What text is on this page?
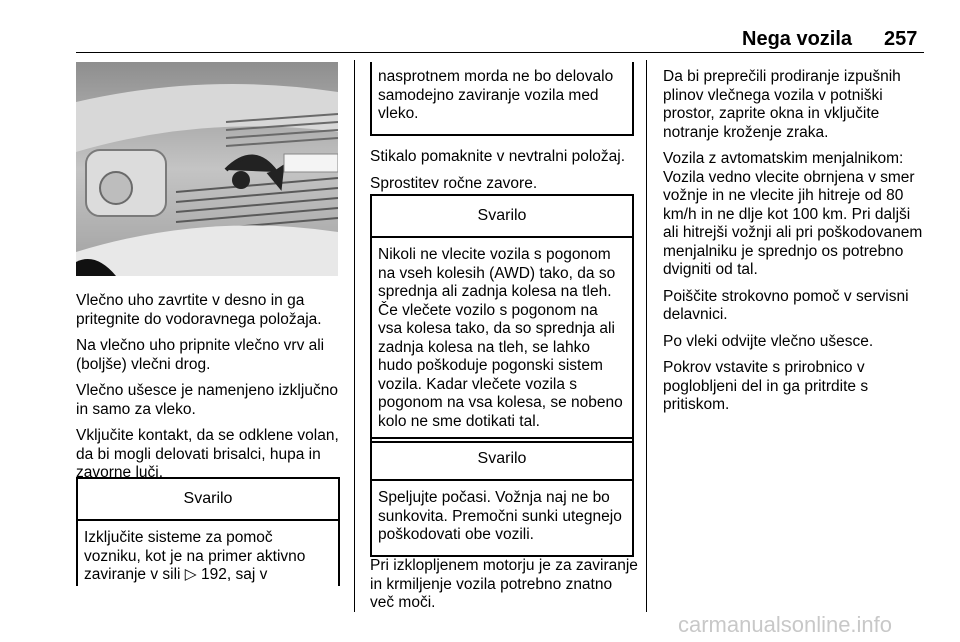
Nega vozila 257

Vlečno uho zavrtite v desno in ga pritegnite do vodoravnega položaja.

Na vlečno uho pripnite vlečno vrv ali (boljše) vlečni drog.

Vlečno ušesce je namenjeno izključno in samo za vleko.

Vključite kontakt, da se odklene volan, da bi mogli delovati brisalci, hupa in zavorne luči.

Svarilo

Izključite sisteme za pomoč vozniku, kot je na primer aktivno zaviranje v sili ▷ 192, saj v

nasprotnem morda ne bo delovalo samodejno zaviranje vozila med vleko.

Stikalo pomaknite v nevtralni položaj.

Sprostitev ročne zavore.

Svarilo

Nikoli ne vlecite vozila s pogonom na vseh kolesih (AWD) tako, da so sprednja ali zadnja kolesa na tleh. Če vlečete vozilo s pogonom na vsa kolesa tako, da so sprednja ali zadnja kolesa na tleh, se lahko hudo poškoduje pogonski sistem vozila. Kadar vlečete vozila s pogonom na vsa kolesa, se nobeno kolo ne sme dotikati tal.

Svarilo

Speljujte počasi. Vožnja naj ne bo sunkovita. Premočni sunki utegnejo poškodovati obe vozili.

Pri izklopljenem motorju je za zaviranje in krmiljenje vozila potrebno znatno več moči.

Da bi preprečili prodiranje izpušnih plinov vlečnega vozila v potniški prostor, zaprite okna in vključite notranje kroženje zraka.

Vozila z avtomatskim menjalnikom: Vozila vedno vlecite obrnjena v smer vožnje in ne vlecite jih hitreje od 80 km/h in ne dlje kot 100 km. Pri daljši ali hitrejši vožnji ali pri poškodovanem menjalniku je sprednjo os potrebno dvigniti od tal.

Poiščite strokovno pomoč v servisni delavnici.

Po vleki odvijte vlečno ušesce.

Pokrov vstavite s prirobnico v poglobljeni del in ga pritrdite s pritiskom.

carmanualsonline.info
